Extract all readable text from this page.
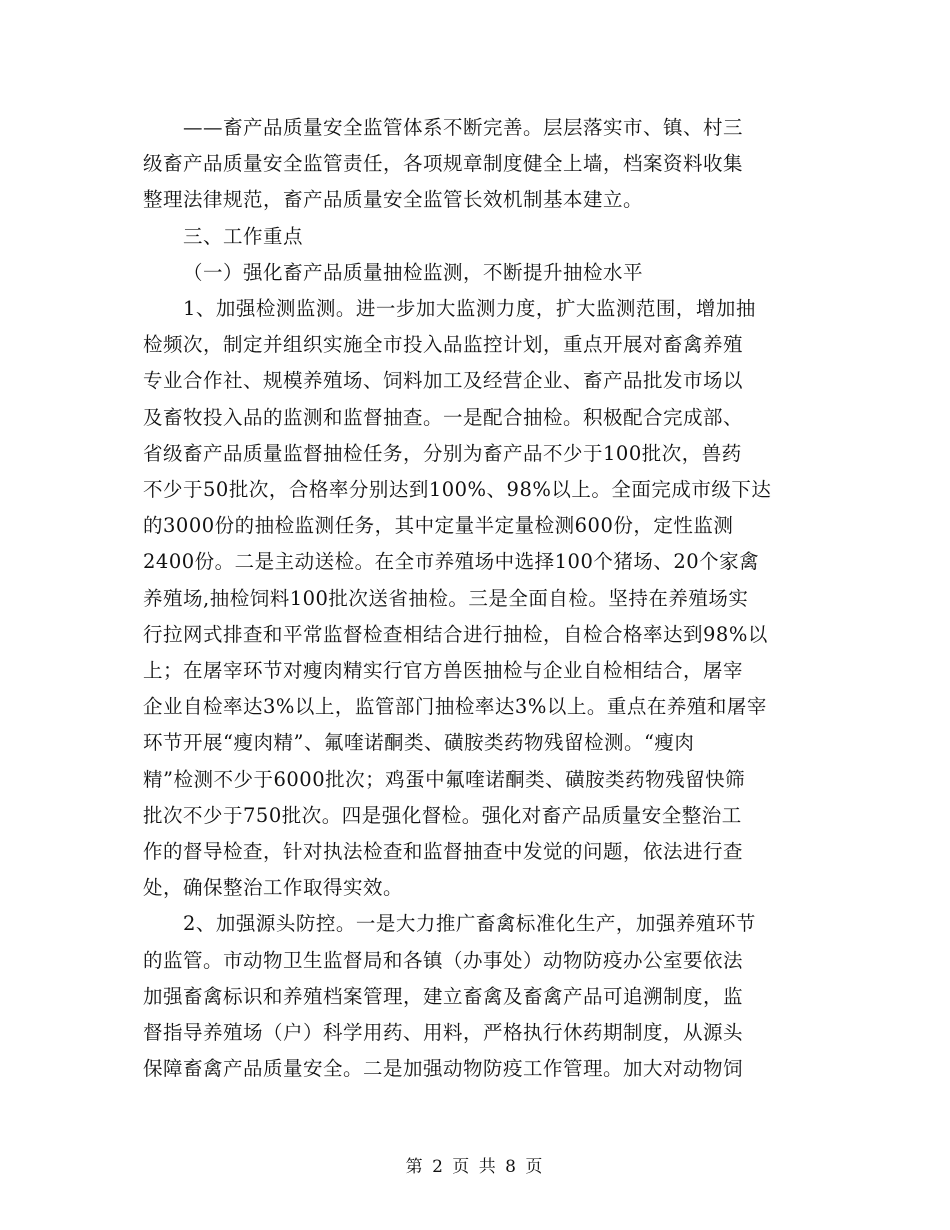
——畜产品质量安全监管体系不断完善。层层落实市、镇、村三
级畜产品质量安全监管责任，各项规章制度健全上墙，档案资料收集
整理法律规范，畜产品质量安全监管长效机制基本建立。

三、工作重点

（一）强化畜产品质量抽检监测，不断提升抽检水平

1、加强检测监测。进一步加大监测力度，扩大监测范围，增加抽
检频次，制定并组织实施全市投入品监控计划，重点开展对畜禽养殖
专业合作社、规模养殖场、饲料加工及经营企业、畜产品批发市场以
及畜牧投入品的监测和监督抽查。一是配合抽检。积极配合完成部、
省级畜产品质量监督抽检任务，分别为畜产品不少于100批次，兽药
不少于50批次，合格率分别达到100%、98%以上。全面完成市级下达
的3000份的抽检监测任务，其中定量半定量检测600份，定性监测
2400份。二是主动送检。在全市养殖场中选择100个猪场、20个家禽
养殖场,抽检饲料100批次送省抽检。三是全面自检。坚持在养殖场实
行拉网式排查和平常监督检查相结合进行抽检，自检合格率达到98%以
上；在屠宰环节对瘦肉精实行官方兽医抽检与企业自检相结合，屠宰
企业自检率达3%以上，监管部门抽检率达3%以上。重点在养殖和屠宰
环节开展“瘦肉精”、氟喹诺酮类、磺胺类药物残留检测。“瘦肉
精”检测不少于6000批次；鸡蛋中氟喹诺酮类、磺胺类药物残留快筛
批次不少于750批次。四是强化督检。强化对畜产品质量安全整治工
作的督导检查，针对执法检查和监督抽查中发觉的问题，依法进行查
处，确保整治工作取得实效。

2、加强源头防控。一是大力推广畜禽标准化生产，加强养殖环节
的监管。市动物卫生监督局和各镇（办事处）动物防疫办公室要依法
加强畜禽标识和养殖档案管理，建立畜禽及畜禽产品可追溯制度，监
督指导养殖场（户）科学用药、用料，严格执行休药期制度，从源头
保障畜禽产品质量安全。二是加强动物防疫工作管理。加大对动物饲

第 2 页 共 8 页
